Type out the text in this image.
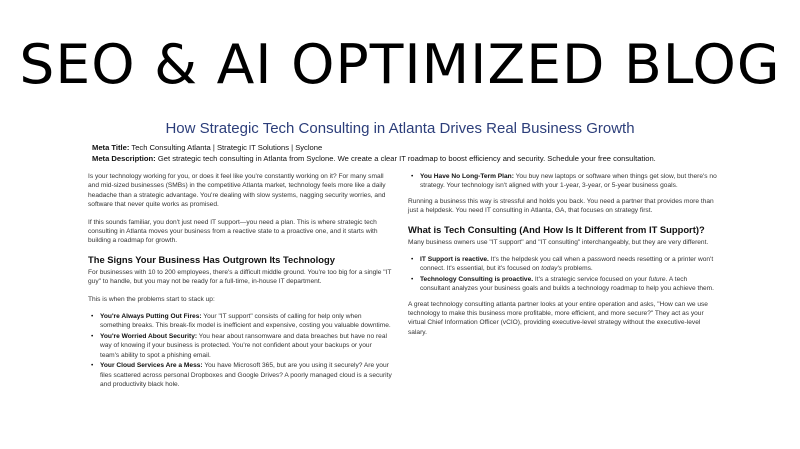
SEO & AI OPTIMIZED BLOG
How Strategic Tech Consulting in Atlanta Drives Real Business Growth
Meta Title: Tech Consulting Atlanta | Strategic IT Solutions | Syclone
Meta Description: Get strategic tech consulting in Atlanta from Syclone. We create a clear IT roadmap to boost efficiency and security. Schedule your free consultation.

Is your technology working for you, or does it feel like you're constantly working on it? For many small and mid-sized businesses (SMBs) in the competitive Atlanta market, technology feels more like a daily headache than a strategic advantage. You're dealing with slow systems, nagging security worries, and software that never quite works as promised.

If this sounds familiar, you don't just need IT support—you need a plan. This is where strategic tech consulting in Atlanta moves your business from a reactive state to a proactive one, and it starts with building a roadmap for growth.

The Signs Your Business Has Outgrown Its Technology

For businesses with 10 to 200 employees, there's a difficult middle ground. You're too big for a single "IT guy" to handle, but you may not be ready for a full-time, in-house IT department.

This is when the problems start to stack up:

• You're Always Putting Out Fires: Your "IT support" consists of calling for help only when something breaks. This break-fix model is inefficient and expensive, costing you valuable downtime.
• You're Worried About Security: You hear about ransomware and data breaches but have no real way of knowing if your business is protected. You're not confident about your backups or your team's ability to spot a phishing email.
• Your Cloud Services Are a Mess: You have Microsoft 365, but are you using it securely? Are your files scattered across personal Dropboxes and Google Drives? A poorly managed cloud is a security and productivity black hole.
• You Have No Long-Term Plan: You buy new laptops or software when things get slow, but there's no strategy. Your technology isn't aligned with your 1-year, 3-year, or 5-year business goals.

Running a business this way is stressful and holds you back. You need a partner that provides more than just a helpdesk. You need IT consulting in Atlanta, GA, that focuses on strategy first.

What is Tech Consulting (And How Is It Different from IT Support)?

Many business owners use "IT support" and "IT consulting" interchangeably, but they are very different.

• IT Support is reactive. It's the helpdesk you call when a password needs resetting or a printer won't connect. It's essential, but it's focused on today's problems.
• Technology Consulting is proactive. It's a strategic service focused on your future. A tech consultant analyzes your business goals and builds a technology roadmap to help you achieve them.

A great technology consulting atlanta partner looks at your entire operation and asks, "How can we use technology to make this business more profitable, more efficient, and more secure?" They act as your virtual Chief Information Officer (vCIO), providing executive-level strategy without the executive-level salary.
